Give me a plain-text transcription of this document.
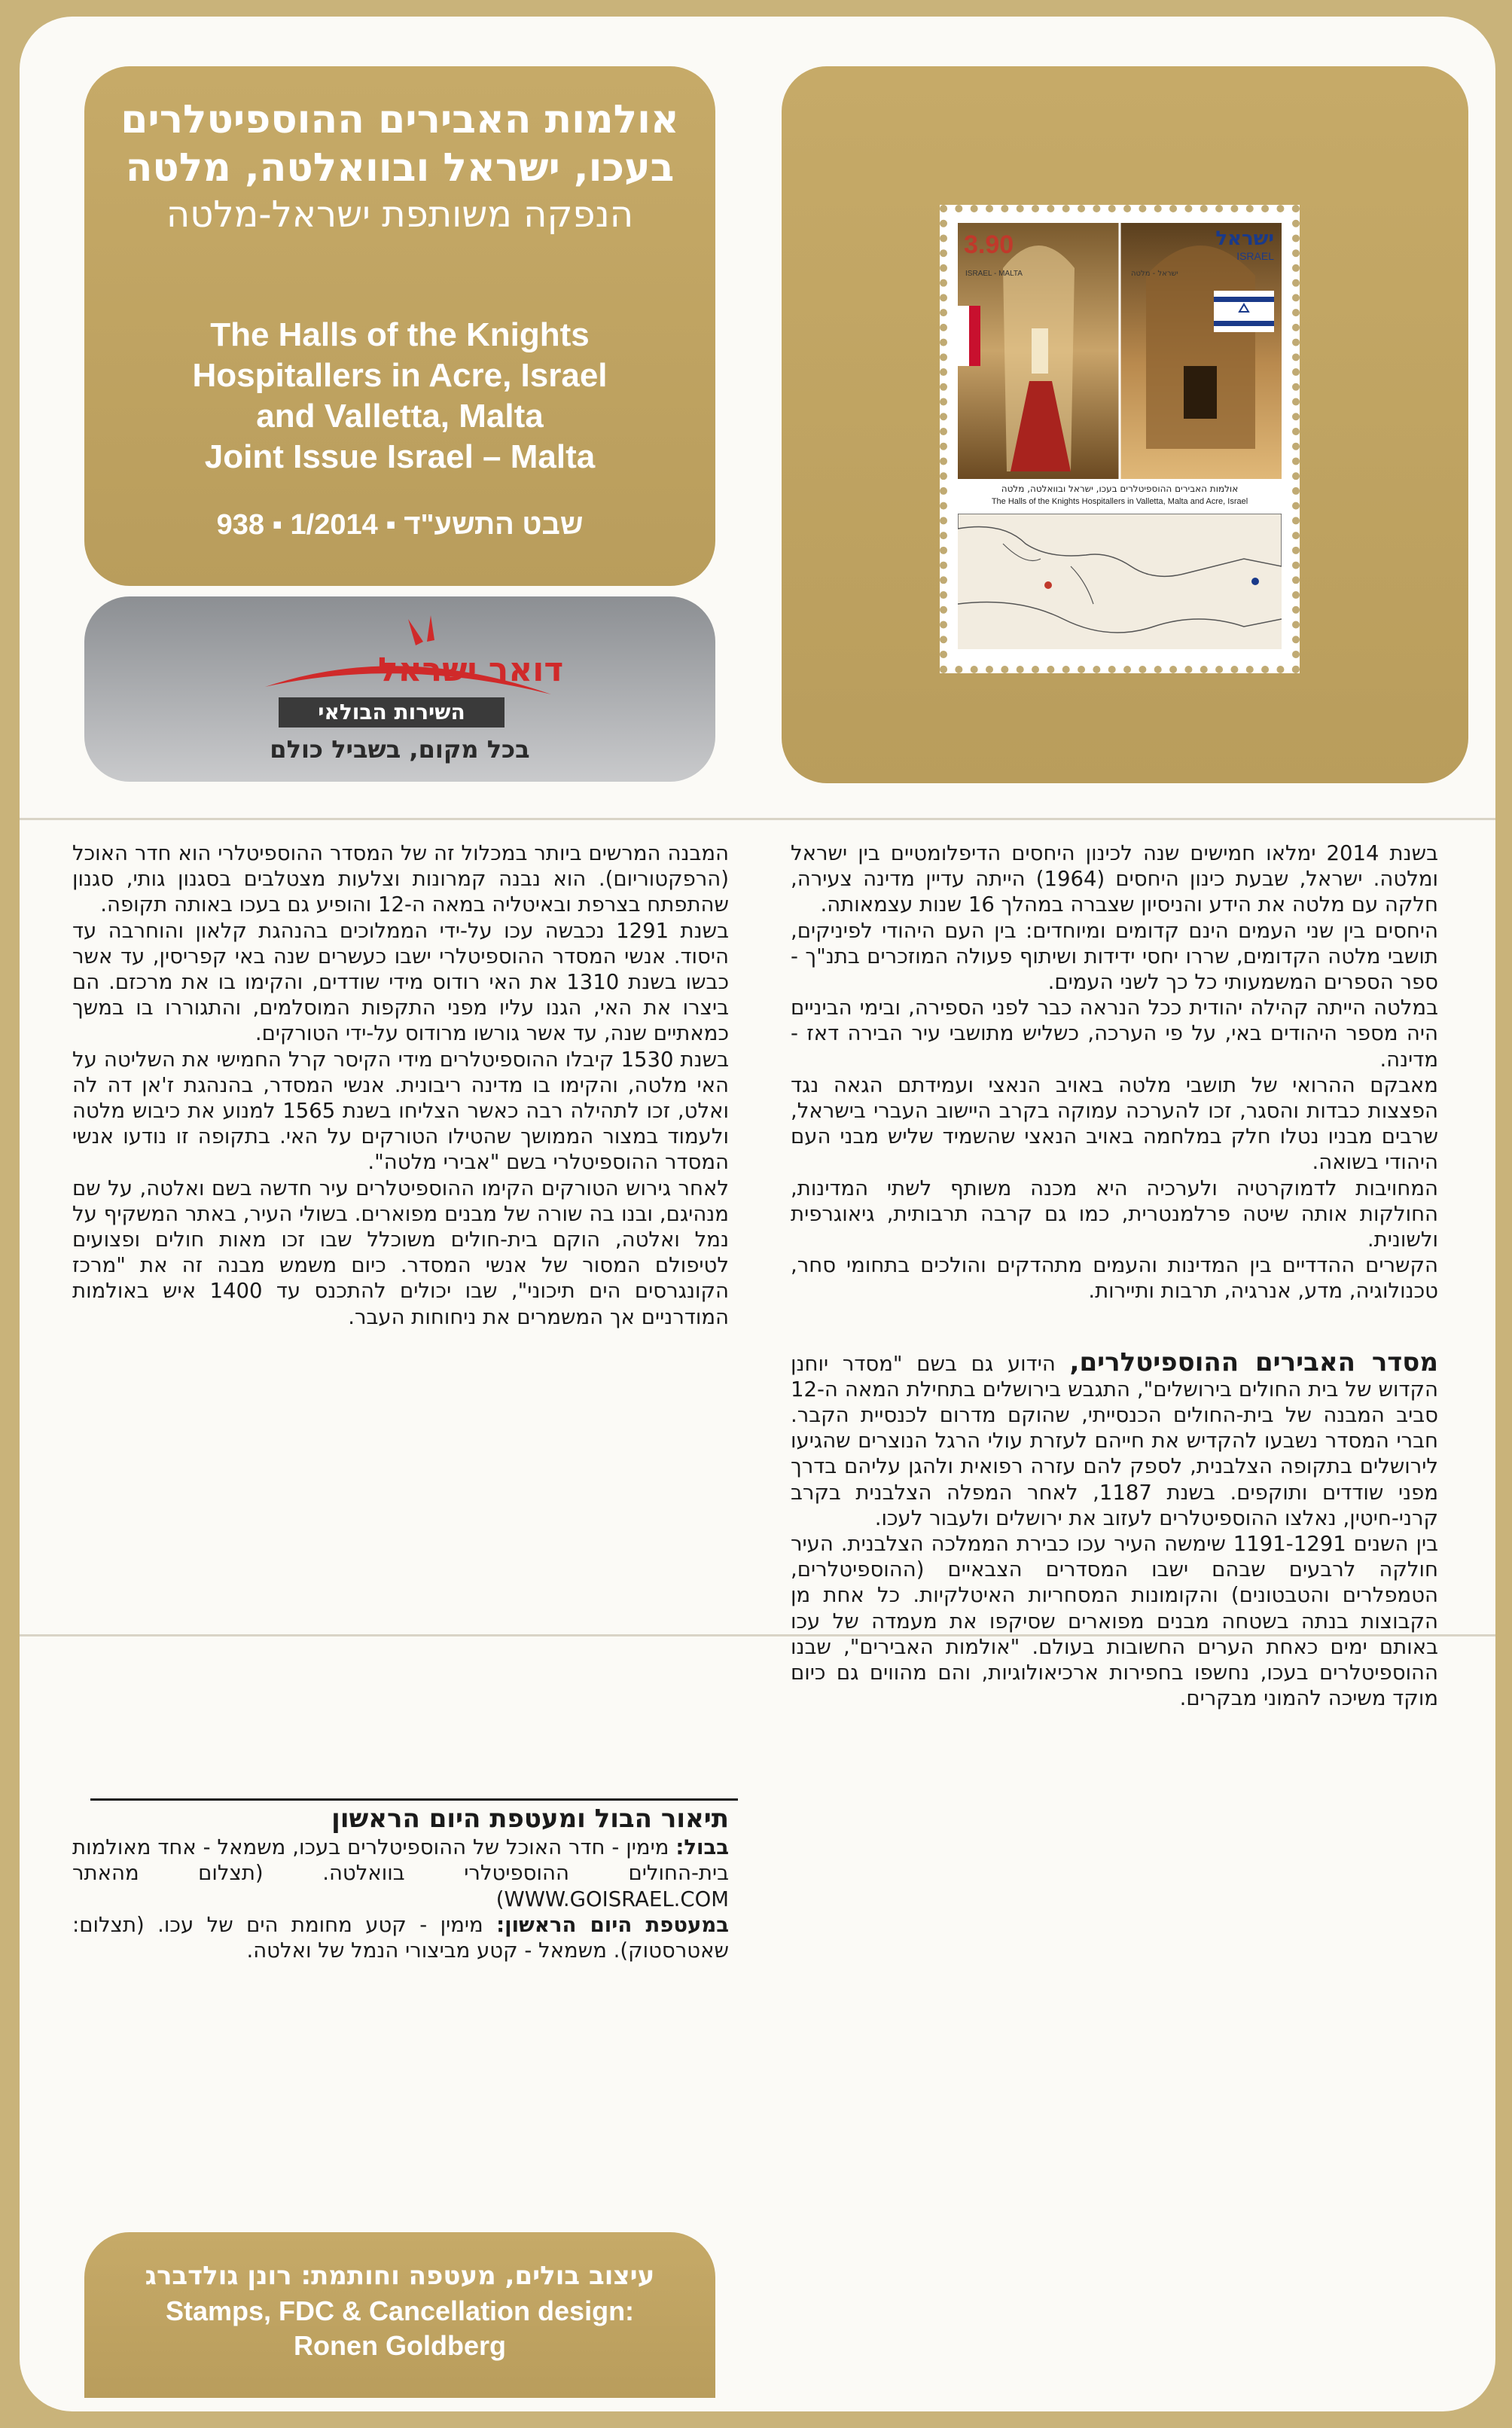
אולמות האבירים ההוספיטלרים
בעכו, ישראל ובוואלטה, מלטה
הנפקה משותפת ישראל-מלטה
The Halls of the Knights
Hospitallers in Acre, Israel
and Valletta, Malta
Joint Issue Israel – Malta
938 ▪ 1/2014 ▪ שבט התשע"ד
3.90	ישראל
ISRAEL
ISRAEL - MALTA	ישראל - מלטה
אולמות האבירים ההוספיטלרים בעכו, ישראל ובוואלטה, מלטה
The Halls of the Knights Hospitallers in Valletta, Malta and Acre, Israel
דואר ישראל
השירות הבולאי
בכל מקום, בשביל כולם

בשנת 2014 ימלאו חמישים שנה לכינון היחסים הדיפלומטיים בין ישראל ומלטה. ישראל, שבעת כינון היחסים (1964) הייתה עדיין מדינה צעירה, חלקה עם מלטה את הידע והניסיון שצברה במהלך 16 שנות עצמאותה.

היחסים בין שני העמים הינם קדומים ומיוחדים: בין העם היהודי לפיניקים, תושבי מלטה הקדומים, שררו יחסי ידידות ושיתוף פעולה המוזכרים בתנ"ך - ספר הספרים המשמעותי כל כך לשני העמים.

במלטה הייתה קהילה יהודית ככל הנראה כבר לפני הספירה, ובימי הביניים היה מספר היהודים באי, על פי הערכה, כשליש מתושבי עיר הבירה דאז - מדינה.

מאבקם ההרואי של תושבי מלטה באויב הנאצי ועמידתם הגאה נגד הפצצות כבדות והסגר, זכו להערכה עמוקה בקרב היישוב העברי בישראל, שרבים מבניו נטלו חלק במלחמה באויב הנאצי שהשמיד שליש מבני העם היהודי בשואה.

המחויבות לדמוקרטיה ולערכיה היא מכנה משותף לשתי המדינות, החולקות אותה שיטה פרלמנטרית, כמו גם קרבה תרבותית, גיאוגרפית ולשונית.

הקשרים ההדדיים בין המדינות והעמים מתהדקים והולכים בתחומי סחר, טכנולוגיה, מדע, אנרגיה, תרבות ותיירות.

מסדר האבירים ההוספיטלרים, הידוע גם בשם "מסדר יוחנן הקדוש של בית החולים בירושלים", התגבש בירושלים בתחילת המאה ה-12 סביב המבנה של בית-החולים הכנסייתי, שהוקם מדרום לכנסיית הקבר. חברי המסדר נשבעו להקדיש את חייהם לעזרת עולי הרגל הנוצרים שהגיעו לירושלים בתקופה הצלבנית, לספק להם עזרה רפואית ולהגן עליהם בדרך מפני שודדים ותוקפים. בשנת 1187, לאחר המפלה הצלבנית בקרב קרני-חיטין, נאלצו ההוספיטלרים לעזוב את ירושלים ולעבור לעכו.

בין השנים 1191-1291 שימשה העיר עכו כבירת הממלכה הצלבנית. העיר חולקה לרבעים שבהם ישבו המסדרים הצבאיים (ההוספיטלרים, הטמפלרים והטבטונים) והקומונות המסחריות האיטלקיות. כל אחת מן הקבוצות בנתה בשטחה מבנים מפוארים שסיקפו את מעמדה של עכו באותם ימים כאחת הערים החשובות בעולם. "אולמות האבירים", שבנו ההוספיטלרים בעכו, נחשפו בחפירות ארכיאולוגיות, והם מהווים גם כיום מוקד משיכה להמוני מבקרים.

המבנה המרשים ביותר במכלול זה של המסדר ההוספיטלרי הוא חדר האוכל (הרפקטוריום). הוא נבנה קמרונות וצלעות מצטלבים בסגנון גותי, סגנון שהתפתח בצרפת ובאיטליה במאה ה-12 והופיע גם בעכו באותה תקופה.

בשנת 1291 נכבשה עכו על-ידי הממלוכים בהנהגת קלאון והוחרבה עד היסוד. אנשי המסדר ההוספיטלרי ישבו כעשרים שנה באי קפריסין, עד אשר כבשו בשנת 1310 את האי רודוס מידי שודדים, והקימו בו את מרכזם. הם ביצרו את האי, הגנו עליו מפני התקפות המוסלמים, והתגוררו בו במשך כמאתיים שנה, עד אשר גורשו מרודוס על-ידי הטורקים.

בשנת 1530 קיבלו ההוספיטלרים מידי הקיסר קרל החמישי את השליטה על האי מלטה, והקימו בו מדינה ריבונית. אנשי המסדר, בהנהגת ז'אן דה לה ואלט, זכו לתהילה רבה כאשר הצליחו בשנת 1565 למנוע את כיבוש מלטה ולעמוד במצור הממושך שהטילו הטורקים על האי. בתקופה זו נודעו אנשי המסדר ההוספיטלרי בשם "אבירי מלטה".

לאחר גירוש הטורקים הקימו ההוספיטלרים עיר חדשה בשם ואלטה, על שם מנהיגם, ובנו בה שורה של מבנים מפוארים. בשולי העיר, באתר המשקיף על נמל ואלטה, הוקם בית-חולים משוכלל שבו זכו מאות חולים ופצועים לטיפולם המסור של אנשי המסדר. כיום משמש מבנה זה את "מרכז הקונגרסים הים תיכוני", שבו יכולים להתכנס עד 1400 איש באולמות המודרניים אך המשמרים את ניחוחות העבר.

תיאור הבול ומעטפת היום הראשון

בבול: מימין - חדר האוכל של ההוספיטלרים בעכו, משמאל - אחד מאולמות בית-החולים ההוספיטלרי בוואלטה. (תצלום מהאתר WWW.GOISRAEL.COM)

במעטפת היום הראשון: מימין - קטע מחומת הים של עכו. (תצלום: שאטרסטוק). משמאל - קטע מביצורי הנמל של ואלטה.

עיצוב בולים, מעטפה וחותמת: רונן גולדברג
Stamps, FDC & Cancellation design:
Ronen Goldberg
